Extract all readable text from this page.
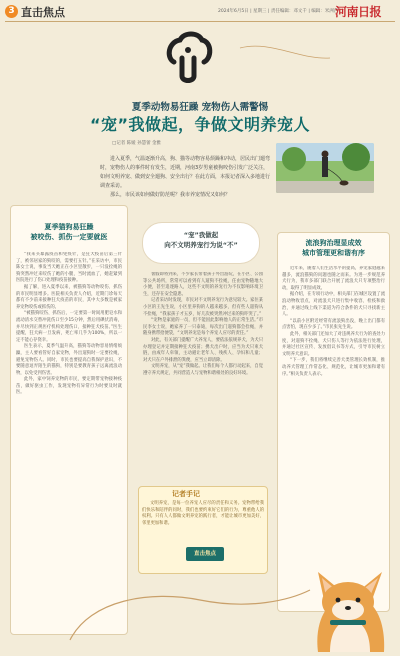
3 直击焦点	2024年6月5日 | 星期三 | 责任编辑：邓文千 | 编辑：米洲西
河南日报
夏季动物易狂躁 宠物伤人需警惕
“宠”我做起，争做文明养宠人
□记者 陈媛 孙慧蕾 金雅

进入夏季，气温逐渐升高，狗、猫等动物容易烦躁和冲动，居民出门遛弯时，宠物伤人的事件时有发生，近期，河南3岁男童被狗咬伤引发广泛关注，如何文明养宠、做到安全遛狗、安全出行？在此方面，本报记者深入多地进行调查采访。

那么，市民该如何做好防范呢？我市养宠情况又如何？

夏季猫狗易狂躁
被咬伤、抓伤一定要就医

“我来买暴露疫苗和免疫针，是狂犬疫苗后第三针了，被邻居家的狗咬的，需要打五针。”在采访中，市民陈女士说，事发当天她正在小区里散步，一只没拴绳的狗突然冲过来咬伤了她的小腿，当时流血了，她赶紧到医院进行了伤口处理和疫苗接种。

据了解，进入夏季以来，被猫狗等动物咬伤、抓伤的市民明显增多。医院相关负责人介绍，近期门诊每天都有不少前来接种狂犬疫苗的市民，其中大多数是被家养宠物咬伤或抓伤的。

“被猫狗咬伤、抓伤后，一定要第一时间用肥皂水和流动清水交替冲洗伤口至少15分钟，然后用碘伏消毒，并尽快到正规医疗机构处理伤口、接种狂犬疫苗。”医生提醒，狂犬病一旦发病，死亡率几乎为100%，所以一定不能心存侥幸。

医生表示，夏季气温升高，猫狗等动物容易情绪烦躁，主人要看管好自家宠物，外出遛狗时一定要拴绳，避免宠物伤人。同时，市民也要提高自我保护意识，不要随意逗弄陌生的猫狗，特别是要教育孩子远离流浪动物，以免受到伤害。

此外，家中饲养宠物的市民，要定期带宠物接种疫苗，做好驱虫工作，发现宠物有异常行为时要及时就医。

“宠”我做起
向不文明养宠行为说“不”

暑假即将到来，不少家长带着孩子外出游玩，在小区、公园等公共场所，常常可以看到有人遛狗不拴绳，任由宠物随地大小便，甚至追逐路人，这些不文明的养宠行为不仅影响环境卫生，还存在安全隐患。

记者采访时发现，市民对不文明养宠行为意见较大。家住某小区的王先生说，小区里养狗的人越来越多，但有些人遛狗从不拴绳，“我家孩子才五岁，好几次被突然冲过来的狗吓哭了。”

“宠物是家庭的一员，但不能因此影响他人的正常生活。”市民李女士说，她家养了一只泰迪，每次出门遛狗都会拴绳，并随身携带拾便袋，“文明养宠是每个养宠人应尽的责任。”

对此，有关部门提醒广大养宠人，要依法依规养犬，为犬只办理登记并定期接种狂犬疫苗；携犬出户时，应当为犬只束犬链，由成年人牵领，主动避让老年人、残疾人、孕妇和儿童；对犬只在户外排泄的粪便，应当立即清除。

文明养宠，从“宠”我做起。让我们每个人都行动起来，自觉遵守养犬规定，共同营造人与宠物和谐相处的良好环境。

流浪狗治理显成效
城市管理更和谐有序

近年来，随着人们生活水平的提高，养宠家庭越来越多，流浪猫狗的问题也随之而来。为进一步规范养犬行为，我市多部门联合开展了流浪犬只专项整治行动，取得了明显成效。

据介绍，在专项行动中，相关部门在城区设置了流浪动物收容点，对流浪犬只进行集中收容、检疫和救治，并通过线上线下渠道为符合条件的犬只寻找新主人。

“以前小区附近经常有流浪狗出没，晚上出门都有点害怕，现在少多了。”市民张先生说。

此外，相关部门还加大了对违规养犬行为的查处力度，对遛狗不拴绳、犬只伤人等行为依法进行处理，并通过社区宣传、发放倡议书等方式，引导市民树立文明养犬意识。

“下一步，我们将继续完善犬类管理长效机制，推动养犬管理工作常态化、规范化，让城市更加和谐有序。”相关负责人表示。

记者手记
文明养宠，是每一位养宠人应尽的责任和义务。宠物带给我们快乐和陪伴的同时，我们也要约束好它们的行为，尊重他人的权利。只有人人都做文明养宠的践行者，才能让城市更加美好、邻里更加和谐。
直击焦点
